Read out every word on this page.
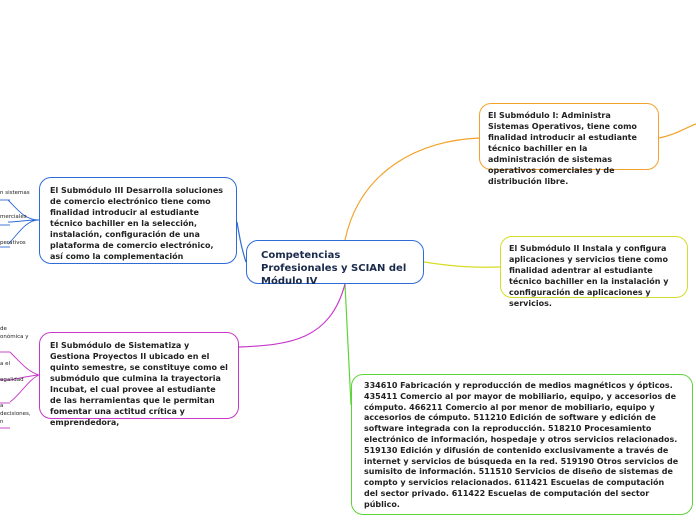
Competencias Profesionales y SCIAN del Módulo IV
El Submódulo I: Administra Sistemas Operativos, tiene como finalidad introducir al estudiante técnico bachiller en la administración de sistemas operativos comerciales y de distribución libre.
El Submódulo II Instala y configura aplicaciones y servicios tiene como finalidad adentrar al estudiante técnico bachiller en la instalación y configuración de aplicaciones y servicios.
334610 Fabricación y reproducción de medios magnéticos y ópticos. 435411 Comercio al por mayor de mobiliario, equipo, y accesorios de cómputo. 466211 Comercio al por menor de mobiliario, equipo y accesorios de cómputo. 511210 Edición de software y edición de software integrada con la reproducción. 518210 Procesamiento electrónico de información, hospedaje y otros servicios relacionados. 519130 Edición y difusión de contenido exclusivamente a través de internet y servicios de búsqueda en la red. 519190 Otros servicios de sumisito de información. 511510 Servicios de diseño de sistemas de compto y servicios relacionados. 611421 Escuelas de computación del sector privado. 611422 Escuelas de computación del sector público.
El Submódulo III Desarrolla soluciones de comercio electrónico tiene como finalidad introducir al estudiante técnico bachiller en la selección, instalación, configuración de una plataforma de comercio electrónico, así como la complementación
El Submódulo de Sistematiza y Gestiona Proyectos II ubicado en el quinto semestre, se constituye como el submódulo que culmina la trayectoria Incubat, el cual provee al estudiante de las herramientas que le permitan fomentar una actitud crítica y emprendedora,
n sistemas
merciales
perativos
de
onómica y
a el
egalidad
a
decisiones,
n
